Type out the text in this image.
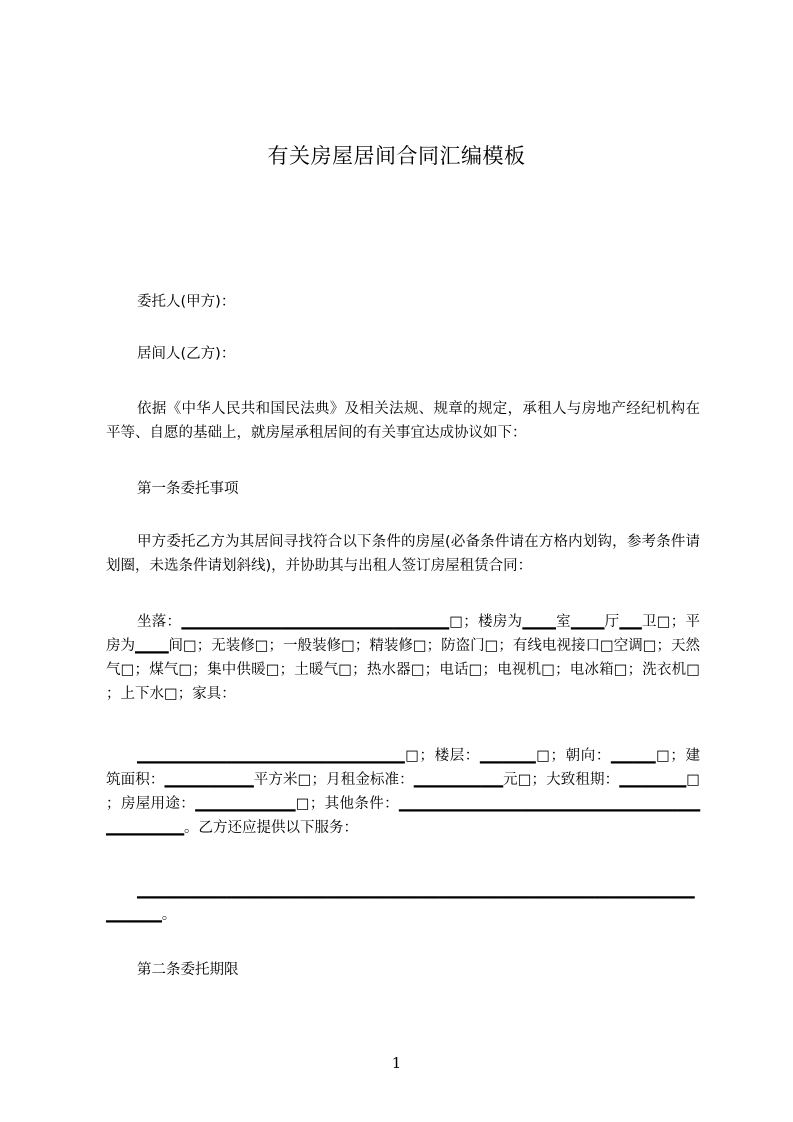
有关房屋居间合同汇编模板
委托人(甲方)：
居间人(乙方)：
依据《中华人民共和国民法典》及相关法规、规章的规定，承租人与房地产经纪机构在平等、自愿的基础上，就房屋承租居间的有关事宜达成协议如下：
第一条委托事项
甲方委托乙方为其居间寻找符合以下条件的房屋(必备条件请在方格内划钩，参考条件请划圈，未选条件请划斜线)，并协助其与出租人签订房屋租赁合同：
坐落：▁▁▁▁▁▁▁▁▁▁▁▁▁▁▁▁▁▁▁▁▁▁▁▁□；楼房为▁▁▁室▁▁▁厅▁▁卫□；平房为▁▁▁间□；无装修□；一般装修□；精装修□；防盗门□；有线电视接口□空调□；天然气□；煤气□；集中供暖□；土暖气□；热水器□；电话□；电视机□；电冰箱□；洗衣机□；上下水□；家具：
▁▁▁▁▁▁▁▁▁▁▁▁▁▁▁▁▁▁▁▁▁▁▁▁□；楼层：▁▁▁▁▁□；朝向：▁▁▁▁□；建筑面积：▁▁▁▁▁▁▁▁平方米□；月租金标准：▁▁▁▁▁▁▁▁元□；大致租期：▁▁▁▁▁▁□；房屋用途：▁▁▁▁▁▁▁▁▁□；其他条件：▁▁▁▁▁▁▁▁▁▁▁▁▁▁▁▁▁▁▁▁▁▁▁▁▁▁▁▁▁▁▁▁▁▁。乙方还应提供以下服务：
▁▁▁▁▁▁▁▁▁▁▁▁▁▁▁▁▁▁▁▁▁▁▁▁▁▁▁▁▁▁▁▁▁▁▁▁▁▁▁▁▁▁▁▁▁▁▁▁▁▁▁▁▁▁▁。
第二条委托期限
1
